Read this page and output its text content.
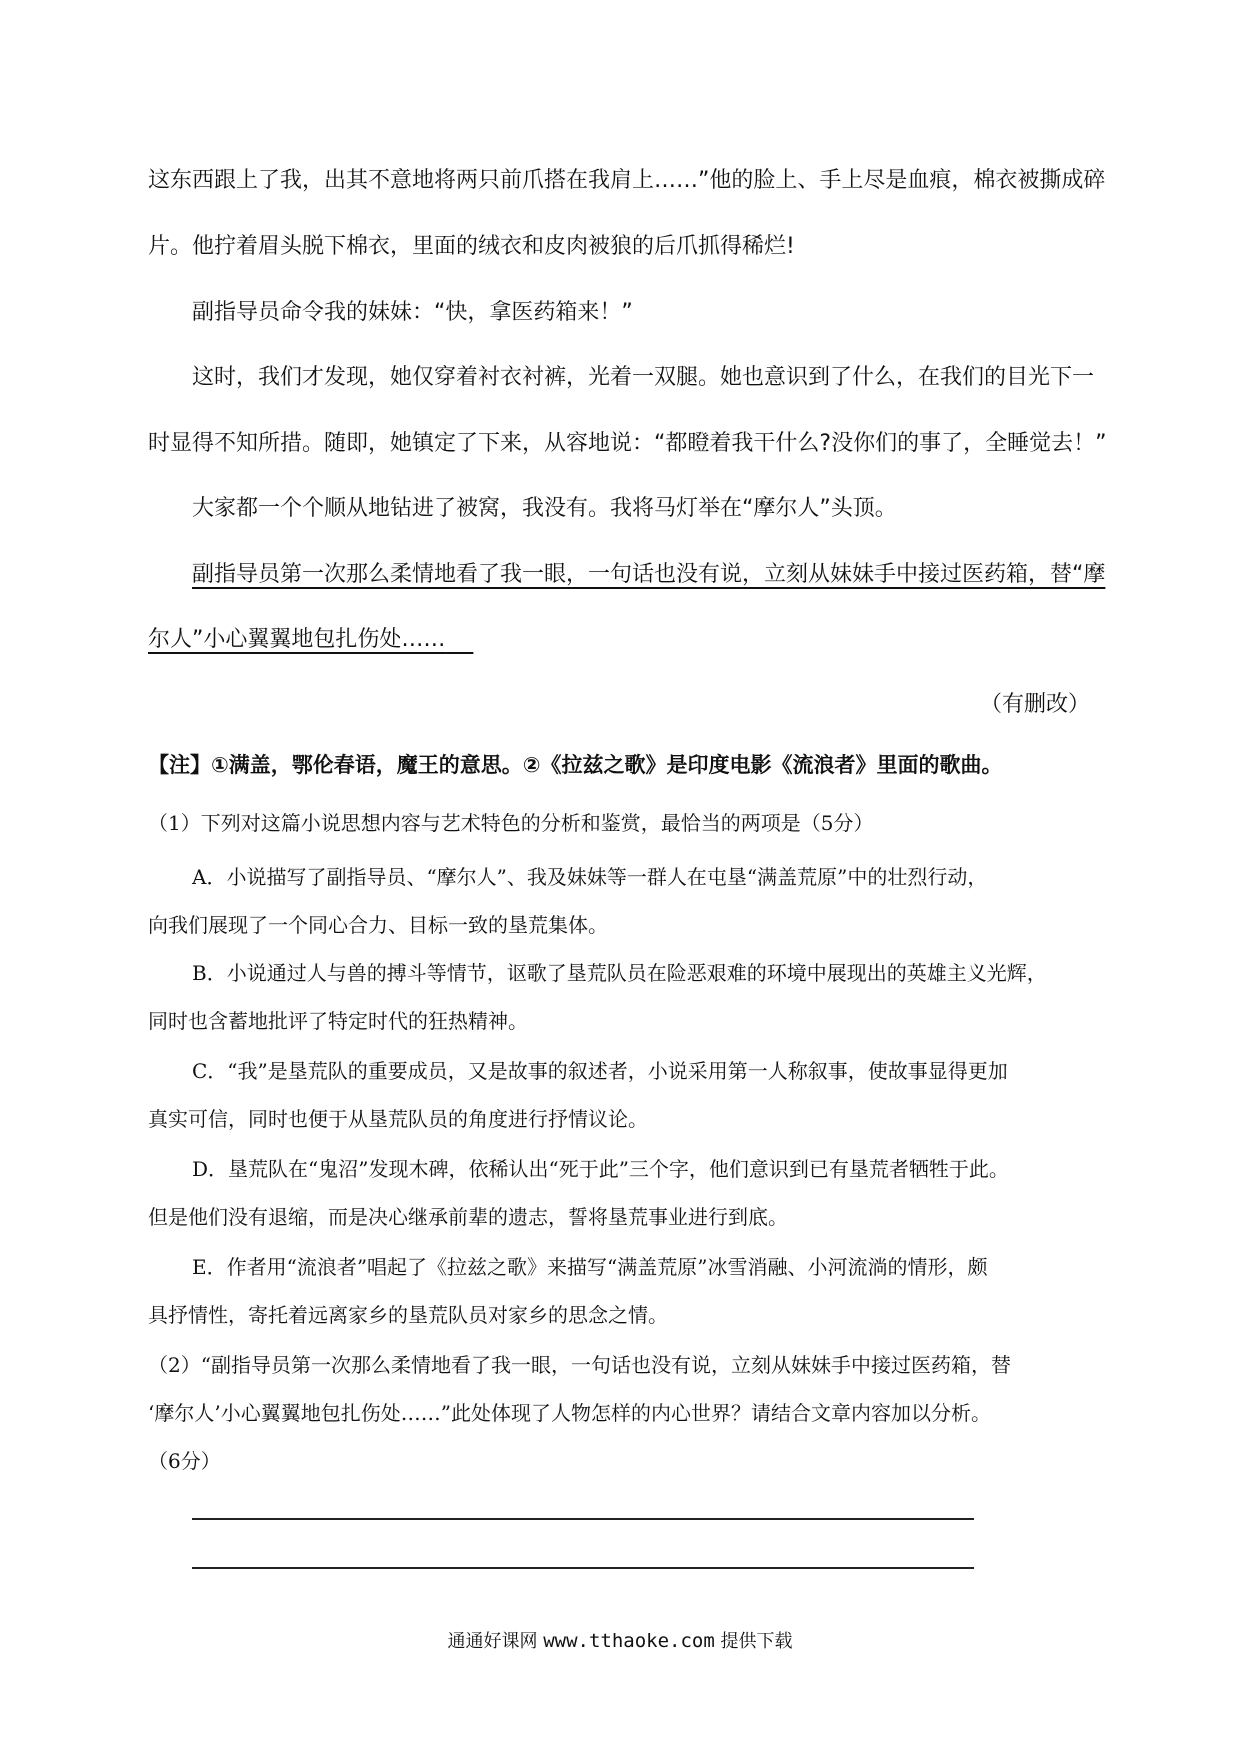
这东西跟上了我，出其不意地将两只前爪搭在我肩上……”他的脸上、手上尽是血痕，棉衣被撕成碎
片。他拧着眉头脱下棉衣，里面的绒衣和皮肉被狼的后爪抓得稀烂!
副指导员命令我的妹妹：“快，拿医药箱来！”
这时，我们才发现，她仅穿着衬衣衬裤，光着一双腿。她也意识到了什么，在我们的目光下一
时显得不知所措。随即，她镇定了下来，从容地说：“都瞪着我干什么?没你们的事了，全睡觉去！”
大家都一个个顺从地钻进了被窝，我没有。我将马灯举在“摩尔人”头顶。
副指导员第一次那么柔情地看了我一眼，一句话也没有说，立刻从妹妹手中接过医药箱，替“摩
尔人”小心翼翼地包扎伤处……
（有删改）
【注】①满盖，鄂伦春语，魔王的意思。②《拉兹之歌》是印度电影《流浪者》里面的歌曲。
（1）下列对这篇小说思想内容与艺术特色的分析和鉴赏，最恰当的两项是（5分）
A．小说描写了副指导员、“摩尔人”、我及妹妹等一群人在屯垦“满盖荒原”中的壮烈行动，
向我们展现了一个同心合力、目标一致的垦荒集体。
B．小说通过人与兽的搏斗等情节，讴歌了垦荒队员在险恶艰难的环境中展现出的英雄主义光辉，
同时也含蓄地批评了特定时代的狂热精神。
C．“我”是垦荒队的重要成员，又是故事的叙述者，小说采用第一人称叙事，使故事显得更加
真实可信，同时也便于从垦荒队员的角度进行抒情议论。
D．垦荒队在“鬼沼”发现木碑，依稀认出“死于此”三个字，他们意识到已有垦荒者牺牲于此。
但是他们没有退缩，而是决心继承前辈的遗志，誓将垦荒事业进行到底。
E．作者用“流浪者”唱起了《拉兹之歌》来描写“满盖荒原”冰雪消融、小河流淌的情形，颇
具抒情性，寄托着远离家乡的垦荒队员对家乡的思念之情。
（2）“副指导员第一次那么柔情地看了我一眼，一句话也没有说，立刻从妹妹手中接过医药箱，替
‘摩尔人’小心翼翼地包扎伤处……”此处体现了人物怎样的内心世界？请结合文章内容加以分析。
（6分）
通通好课网 www.tthaoke.com 提供下载
